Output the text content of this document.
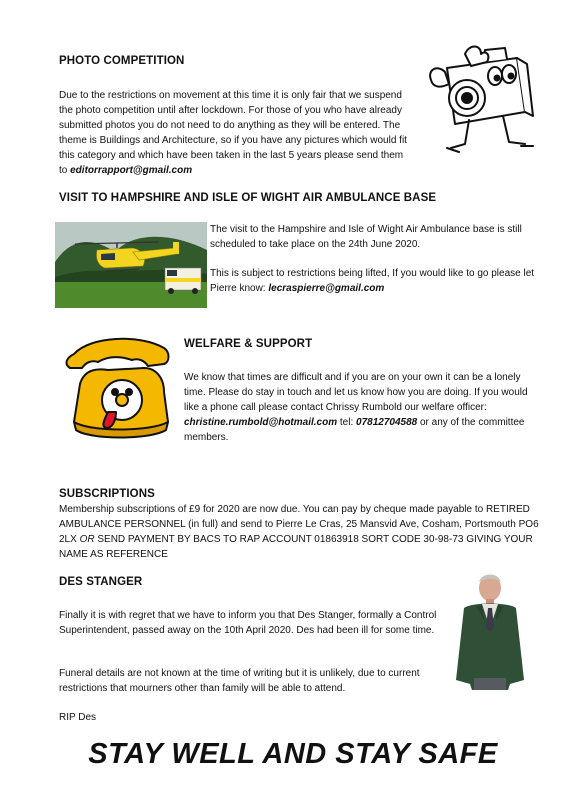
PHOTO COMPETITION

Due to the restrictions on movement at this time it is only fair that we suspend the photo competition until after lockdown. For those of you who have already submitted photos you do not need to do anything as they will be entered. The theme is Buildings and Architecture, so if you have any pictures which would fit this category and which have been taken in the last 5 years please send them to editorrapport@gmail.com

VISIT TO HAMPSHIRE AND ISLE OF WIGHT AIR AMBULANCE BASE

The visit to the Hampshire and Isle of Wight Air Ambulance base is still scheduled to take place on the 24th June 2020.

This is subject to restrictions being lifted, If you would like to go please let Pierre know: lecraspierre@gmail.com

WELFARE & SUPPORT

We know that times are difficult and if you are on your own it can be a lonely time. Please do stay in touch and let us know how you are doing. If you would like a phone call please contact Chrissy Rumbold our welfare officer:
christine.rumbold@hotmail.com tel: 07812704588 or any of the committee members.

SUBSCRIPTIONS

Membership subscriptions of £9 for 2020 are now due. You can pay by cheque made payable to RETIRED AMBULANCE PERSONNEL (in full) and send to Pierre Le Cras, 25 Mansvid Ave, Cosham, Portsmouth PO6 2LX OR SEND PAYMENT BY BACS TO RAP ACCOUNT 01863918 SORT CODE 30-98-73 GIVING YOUR NAME AS REFERENCE

DES STANGER

Finally it is with regret that we have to inform you that Des Stanger, formally a Control Superintendent, passed away on the 10th April 2020. Des had been ill for some time.

Funeral details are not known at the time of writing but it is unlikely, due to current restrictions that mourners other than family will be able to attend.

RIP Des

STAY WELL AND STAY SAFE
